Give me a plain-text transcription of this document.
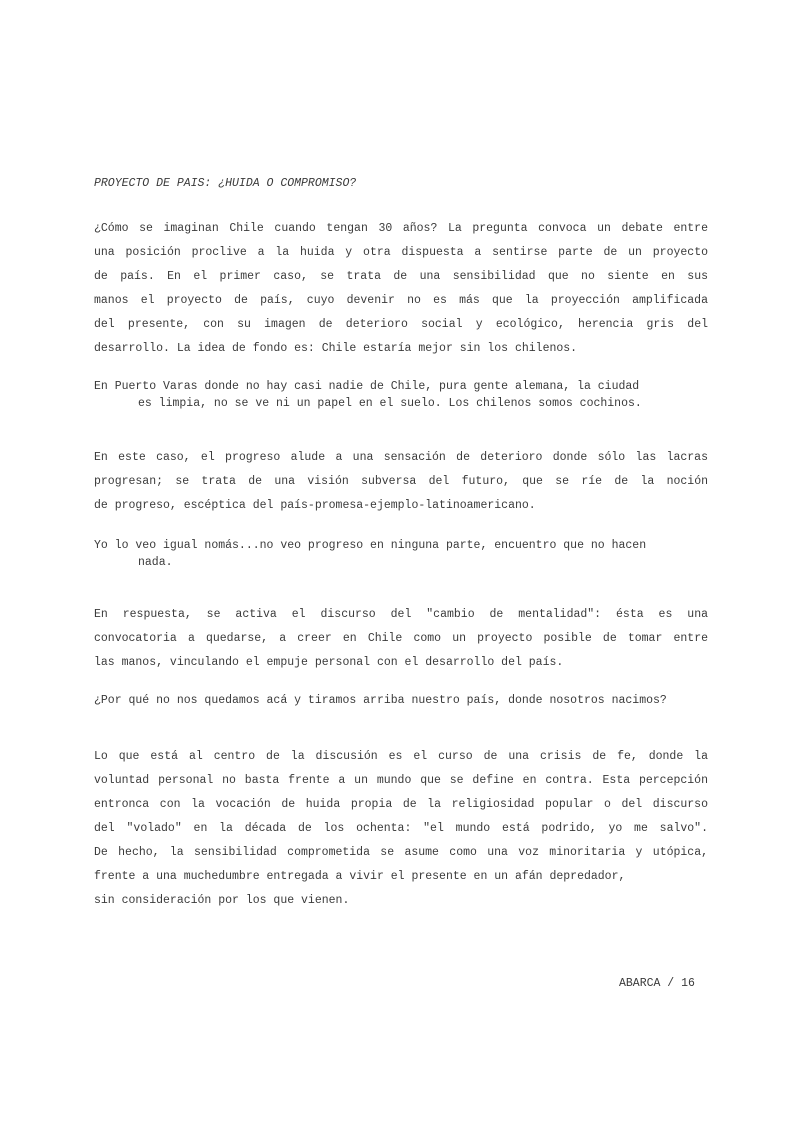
PROYECTO DE PAIS: ¿HUIDA O COMPROMISO?
¿Cómo se imaginan Chile cuando tengan 30 años? La pregunta convoca un debate entre
una posición proclive a la huida y otra dispuesta a sentirse parte de un proyecto
de país. En el primer caso, se trata de una sensibilidad que no siente en sus
manos el proyecto de país, cuyo devenir no es más que la proyección amplificada
del presente, con su imagen de deterioro social y ecológico, herencia gris del
desarrollo. La idea de fondo es: Chile estaría mejor sin los chilenos.
En Puerto Varas donde no hay casi nadie de Chile, pura gente alemana, la ciudad
es limpia, no se ve ni un papel en el suelo. Los chilenos somos cochinos.
En este caso, el progreso alude a una sensación de deterioro donde sólo las lacras
progresan; se trata de una visión subversa del futuro, que se ríe de la noción
de progreso, escéptica del país-promesa-ejemplo-latinoamericano.
Yo lo veo igual nomás...no veo progreso en ninguna parte, encuentro que no hacen
nada.
En respuesta, se activa el discurso del "cambio de mentalidad": ésta es una
convocatoria a quedarse, a creer en Chile como un proyecto posible de tomar entre
las manos, vinculando el empuje personal con el desarrollo del país.
¿Por qué no nos quedamos acá y tiramos arriba nuestro país, donde nosotros nacimos?
Lo que está al centro de la discusión es el curso de una crisis de fe, donde la
voluntad personal no basta frente a un mundo que se define en contra. Esta percepción
entronca con la vocación de huida propia de la religiosidad popular o del discurso
del "volado" en la década de los ochenta: "el mundo está podrido, yo me salvo".
De hecho, la sensibilidad comprometida se asume como una voz minoritaria y utópica,
frente a una muchedumbre entregada a vivir el presente en un afán depredador,
sin consideración por los que vienen.
ABARCA / 16
